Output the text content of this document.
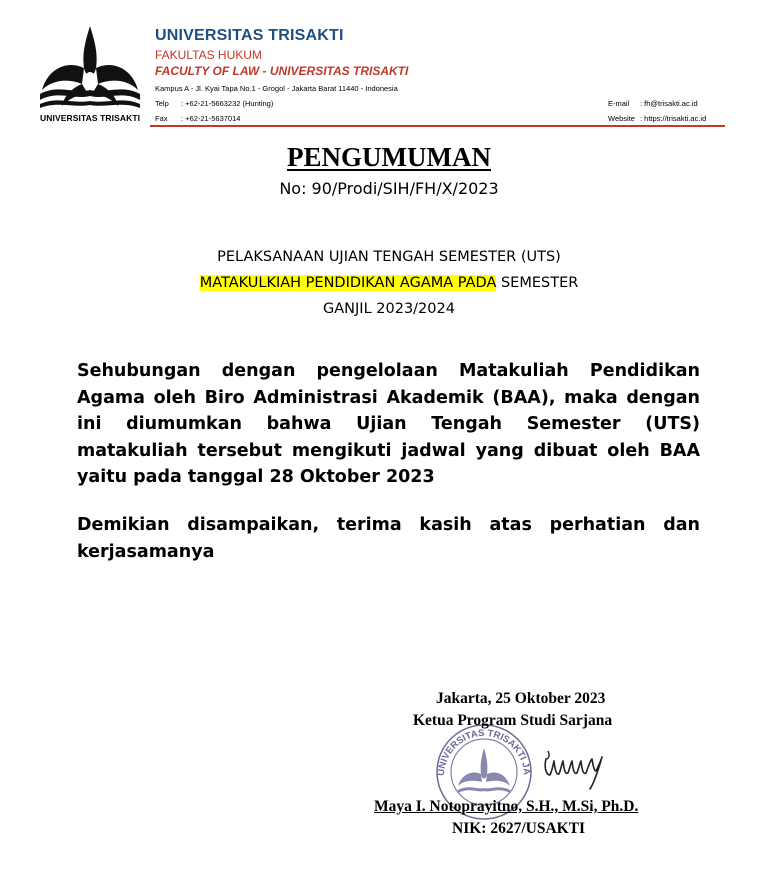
UNIVERSITAS TRISAKTI
UNIVERSITAS TRISAKTI
FAKULTAS HUKUM
FACULTY OF LAW - UNIVERSITAS TRISAKTI
Kampus A - Jl. Kyai Tapa No.1 - Grogol - Jakarta Barat 11440 - Indonesia
Telp : +62-21-5663232 (Hunting)
Fax : +62-21-5637014
E-mail : fh@trisakti.ac.id
Website : https://trisakti.ac.id
PENGUMUMAN
No: 90/Prodi/SIH/FH/X/2023
PELAKSANAAN UJIAN TENGAH SEMESTER (UTS)
MATAKULKIAH PENDIDIKAN AGAMA PADA SEMESTER
GANJIL 2023/2024
Sehubungan dengan pengelolaan Matakuliah Pendidikan Agama oleh Biro Administrasi Akademik (BAA), maka dengan ini diumumkan bahwa Ujian Tengah Semester (UTS) matakuliah tersebut mengikuti jadwal yang dibuat oleh BAA yaitu pada tanggal 28 Oktober 2023
Demikian disampaikan, terima kasih atas perhatian dan kerjasamanya
UNIVERSITAS TRISAKTI JA
Jakarta, 25 Oktober 2023
Ketua Program Studi Sarjana
Maya I. Notoprayitno, S.H., M.Si, Ph.D.
NIK: 2627/USAKTI
